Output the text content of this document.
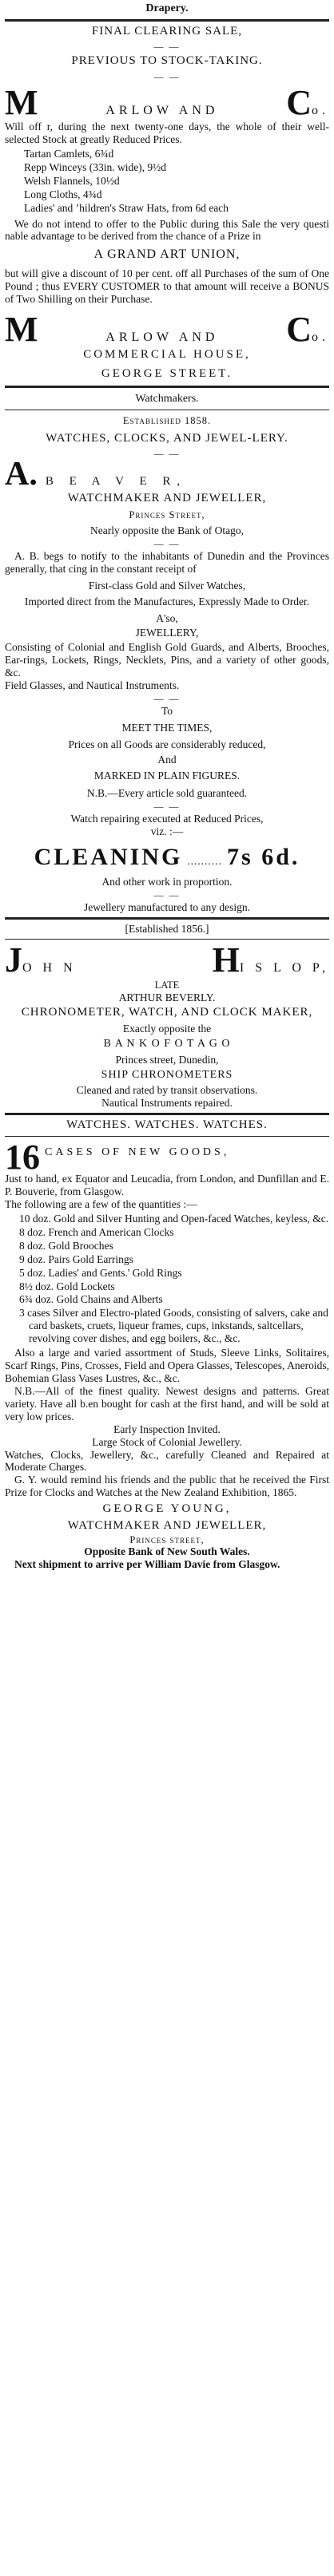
Drapery.
FINAL CLEARING SALE,
— —
PREVIOUS TO STOCK-TAKING.
— —
M	ARLOW AND Co.

Will off r, during the next twenty-one days, the whole of their well-selected Stock at greatly Reduced Prices.

Tartan Camlets, 6¾d
Repp Winceys (33in. wide), 9½d
Welsh Flannels, 10½d
Long Cloths, 4¾d
Ladies' and ’hildren's Straw Hats, from 6d each

We do not intend to offer to the Public during this Sale the very questi nable advantage to be derived from the chance of a Prize in

A GRAND ART UNION,

but will give a discount of 10 per cent. off all Purchases of the sum of One Pound ; thus EVERY CUSTOMER to that amount will receive a BONUS of Two Shilling on their Purchase.

M	ARLOW AND Co.
COMMERCIAL HOUSE,
GEORGE STREET.
Watchmakers.
Established 1858.
WATCHES, CLOCKS, AND JEWEL-LERY.
— —
A. B E A V E R,
WATCHMAKER AND JEWELLER,
Princes Street,
Nearly opposite the Bank of Otago,
— —

A. B. begs to notify to the inhabitants of Dunedin and the Provinces generally, that cing in the constant receipt of

First-class Gold and Silver Watches,
Imported direct from the Manufactures, Expressly Made to Order.
A'so,
JEWELLERY,

Consisting of Colonial and English Gold Guards, and Alberts, Brooches, Ear-rings, Lockets, Rings, Necklets, Pins, and a variety of other goods, &c.

Field Glasses, and Nautical Instruments.
— —
To
MEET THE TIMES,
Prices on all Goods are considerably reduced,
And
MARKED IN PLAIN FIGURES.
N.B.—Every article sold guaranteed.
— —
Watch repairing executed at Reduced Prices,
viz. :—
CLEANING .......... 7s 6d.
And other work in proportion.
— —
Jewellery manufactured to any design.
[Established 1856.]
JO H N	HI S L O P,
LATE
ARTHUR BEVERLY.
CHRONOMETER, WATCH, AND CLOCK MAKER,
Exactly opposite the
B A N K O F O T A G O
Princes street, Dunedin,
SHIP CHRONOMETERS
Cleaned and rated by transit observations.
Nautical Instruments repaired.
WATCHES. WATCHES. WATCHES.
16 CASES OF NEW GOODS,

Just to hand, ex Equator and Leucadia, from London, and Dunfillan and E. P. Bouverie, from Glasgow.

The following are a few of the quantities :—
10 doz. Gold and Silver Hunting and Open-faced Watches, keyless, &c.
8 doz. French and American Clocks
8 doz. Gold Brooches
9 doz. Pairs Gold Earrings
5 doz. Ladies' and Gents.' Gold Rings
8½ doz. Gold Lockets
6¾ doz. Gold Chains and Alberts
3 cases Silver and Electro-plated Goods, consisting of salvers, cake and card baskets, cruets, liqueur frames, cups, inkstands, saltcellars, revolving cover dishes, and egg boilers, &c., &c.

Also a large and varied assortment of Studs, Sleeve Links, Solitaires, Scarf Rings, Pins, Crosses, Field and Opera Glasses, Telescopes, Aneroids, Bohemian Glass Vases Lustres, &c., &c.

N.B.—All of the finest quality. Newest designs and patterns. Great variety. Have all b.en bought for cash at the first hand, and will be sold at very low prices.

Early Inspection Invited.
Large Stock of Colonial Jewellery.

Watches, Clocks, Jewellery, &c., carefully Cleaned and Repaired at Moderate Charges.

G. Y. would remind his friends and the public that he received the First Prize for Clocks and Watches at the New Zealand Exhibition, 1865.

GEORGE YOUNG,
WATCHMAKER AND JEWELLER,
Princes street,
Opposite Bank of New South Wales.

Next shipment to arrive per William Davie from Glasgow.
